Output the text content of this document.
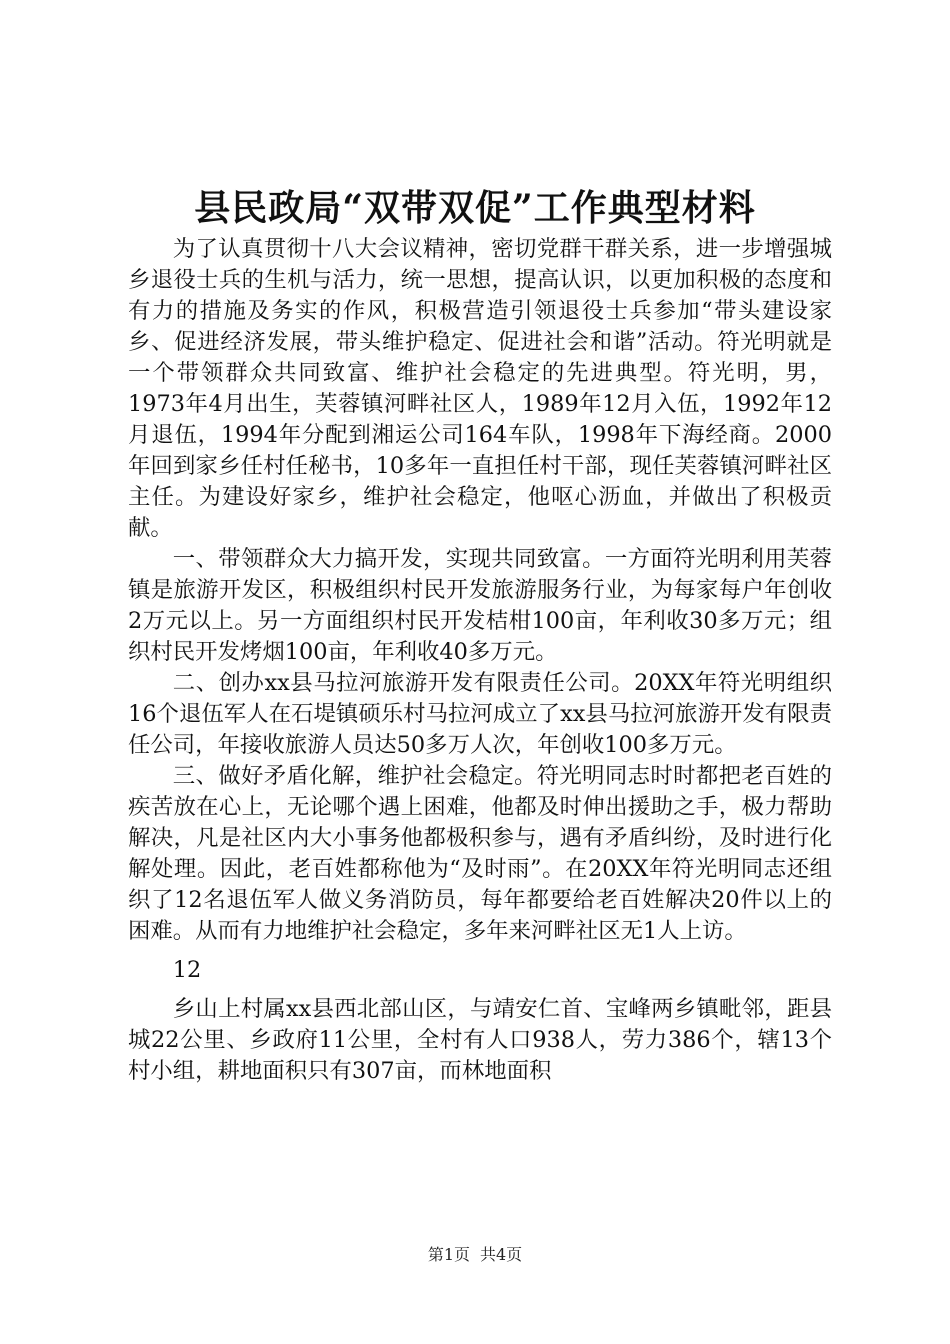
县民政局“双带双促”工作典型材料

为了认真贯彻十八大会议精神，密切党群干群关系，进一步增强城乡退役士兵的生机与活力，统一思想，提高认识，以更加积极的态度和有力的措施及务实的作风，积极营造引领退役士兵参加“带头建设家乡、促进经济发展，带头维护稳定、促进社会和谐”活动。符光明就是一个带领群众共同致富、维护社会稳定的先进典型。符光明，男，1973年4月出生，芙蓉镇河畔社区人，1989年12月入伍，1992年12月退伍，1994年分配到湘运公司164车队，1998年下海经商。2000年回到家乡任村任秘书，10多年一直担任村干部，现任芙蓉镇河畔社区主任。为建设好家乡，维护社会稳定，他呕心沥血，并做出了积极贡献。

一、带领群众大力搞开发，实现共同致富。一方面符光明利用芙蓉镇是旅游开发区，积极组织村民开发旅游服务行业，为每家每户年创收2万元以上。另一方面组织村民开发桔柑100亩，年利收30多万元；组织村民开发烤烟100亩，年利收40多万元。

二、创办xx县马拉河旅游开发有限责任公司。20XX年符光明组织16个退伍军人在石堤镇硕乐村马拉河成立了xx县马拉河旅游开发有限责任公司，年接收旅游人员达50多万人次，年创收100多万元。

三、做好矛盾化解，维护社会稳定。符光明同志时时都把老百姓的疾苦放在心上，无论哪个遇上困难，他都及时伸出援助之手，极力帮助解决，凡是社区内大小事务他都极积参与，遇有矛盾纠纷，及时进行化解处理。因此，老百姓都称他为“及时雨”。在20XX年符光明同志还组织了12名退伍军人做义务消防员，每年都要给老百姓解决20件以上的困难。从而有力地维护社会稳定，多年来河畔社区无1人上访。

12

乡山上村属xx县西北部山区，与靖安仁首、宝峰两乡镇毗邻，距县城22公里、乡政府11公里，全村有人口938人，劳力386个，辖13个村小组，耕地面积只有307亩，而林地面积

第1页 共4页
